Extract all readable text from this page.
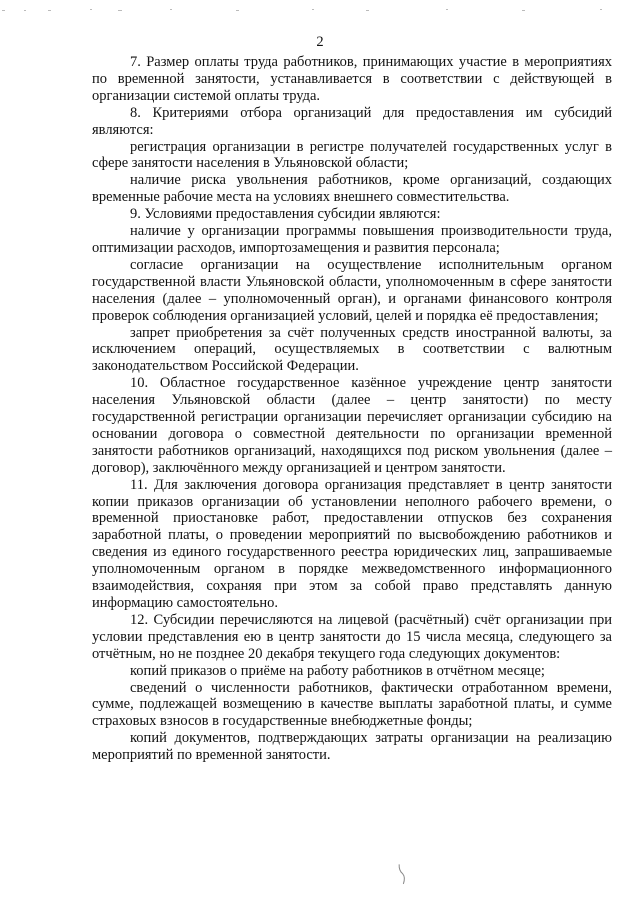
2

7. Размер оплаты труда работников, принимающих участие в мероприятиях по временной занятости, устанавливается в соответствии с действующей в организации системой оплаты труда.

8. Критериями отбора организаций для предоставления им субсидий являются:

регистрация организации в регистре получателей государственных услуг в сфере занятости населения в Ульяновской области;

наличие риска увольнения работников, кроме организаций, создающих временные рабочие места на условиях внешнего совместительства.

9. Условиями предоставления субсидии являются:

наличие у организации программы повышения производительности труда, оптимизации расходов, импортозамещения и развития персонала;

согласие организации на осуществление исполнительным органом государственной власти Ульяновской области, уполномоченным в сфере занятости населения (далее – уполномоченный орган), и органами финансового контроля проверок соблюдения организацией условий, целей и порядка её предоставления;

запрет приобретения за счёт полученных средств иностранной валюты, за исключением операций, осуществляемых в соответствии с валютным законодательством Российской Федерации.

10. Областное государственное казённое учреждение центр занятости населения Ульяновской области (далее – центр занятости) по месту государственной регистрации организации перечисляет организации субсидию на основании договора о совместной деятельности по организации временной занятости работников организаций, находящихся под риском увольнения (далее – договор), заключённого между организацией и центром занятости.

11. Для заключения договора организация представляет в центр занятости копии приказов организации об установлении неполного рабочего времени, о временной приостановке работ, предоставлении отпусков без сохранения заработной платы, о проведении мероприятий по высвобождению работников и сведения из единого государственного реестра юридических лиц, запрашиваемые уполномоченным органом в порядке межведомственного информационного взаимодействия, сохраняя при этом за собой право представлять данную информацию самостоятельно.

12. Субсидии перечисляются на лицевой (расчётный) счёт организации при условии представления ею в центр занятости до 15 числа месяца, следующего за отчётным, но не позднее 20 декабря текущего года следующих документов:

копий приказов о приёме на работу работников в отчётном месяце;

сведений о численности работников, фактически отработанном времени, сумме, подлежащей возмещению в качестве выплаты заработной платы, и сумме страховых взносов в государственные внебюджетные фонды;

копий документов, подтверждающих затраты организации на реализацию мероприятий по временной занятости.
